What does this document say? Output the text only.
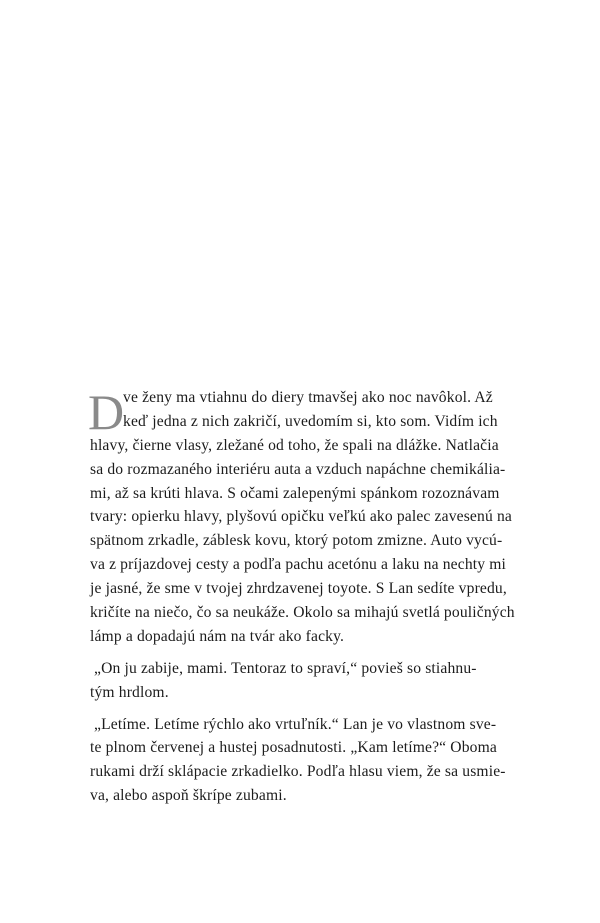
D
ve ženy ma vtiahnu do diery tmavšej ako noc navôkol. Až
keď jedna z nich zakričí, uvedomím si, kto som. Vidím ich
hlavy, čierne vlasy, zležané od toho, že spali na dlážke. Natlačia
sa do rozmazaného interiéru auta a vzduch napáchne chemikália-
mi, až sa krúti hlava. S očami zalepenými spánkom rozoznávam
tvary: opierku hlavy, plyšovú opičku veľkú ako palec zavesenú na
spätnom zrkadle, záblesk kovu, ktorý potom zmizne. Auto vycú-
va z príjazdovej cesty a podľa pachu acetónu a laku na nechty mi
je jasné, že sme v tvojej zhrdzavenej toyote. S Lan sedíte vpredu,
kričíte na niečo, čo sa neukáže. Okolo sa mihajú svetlá pouličných
lámp a dopadajú nám na tvár ako facky.
„On ju zabije, mami. Tentoraz to spraví,“ povieš so stiahnu-
tým hrdlom.
„Letíme. Letíme rýchlo ako vrtuľník.“ Lan je vo vlastnom sve-
te plnom červenej a hustej posadnutosti. „Kam letíme?“ Oboma
rukami drží sklápacie zrkadielko. Podľa hlasu viem, že sa usmie-
va, alebo aspoň škrípe zubami.
